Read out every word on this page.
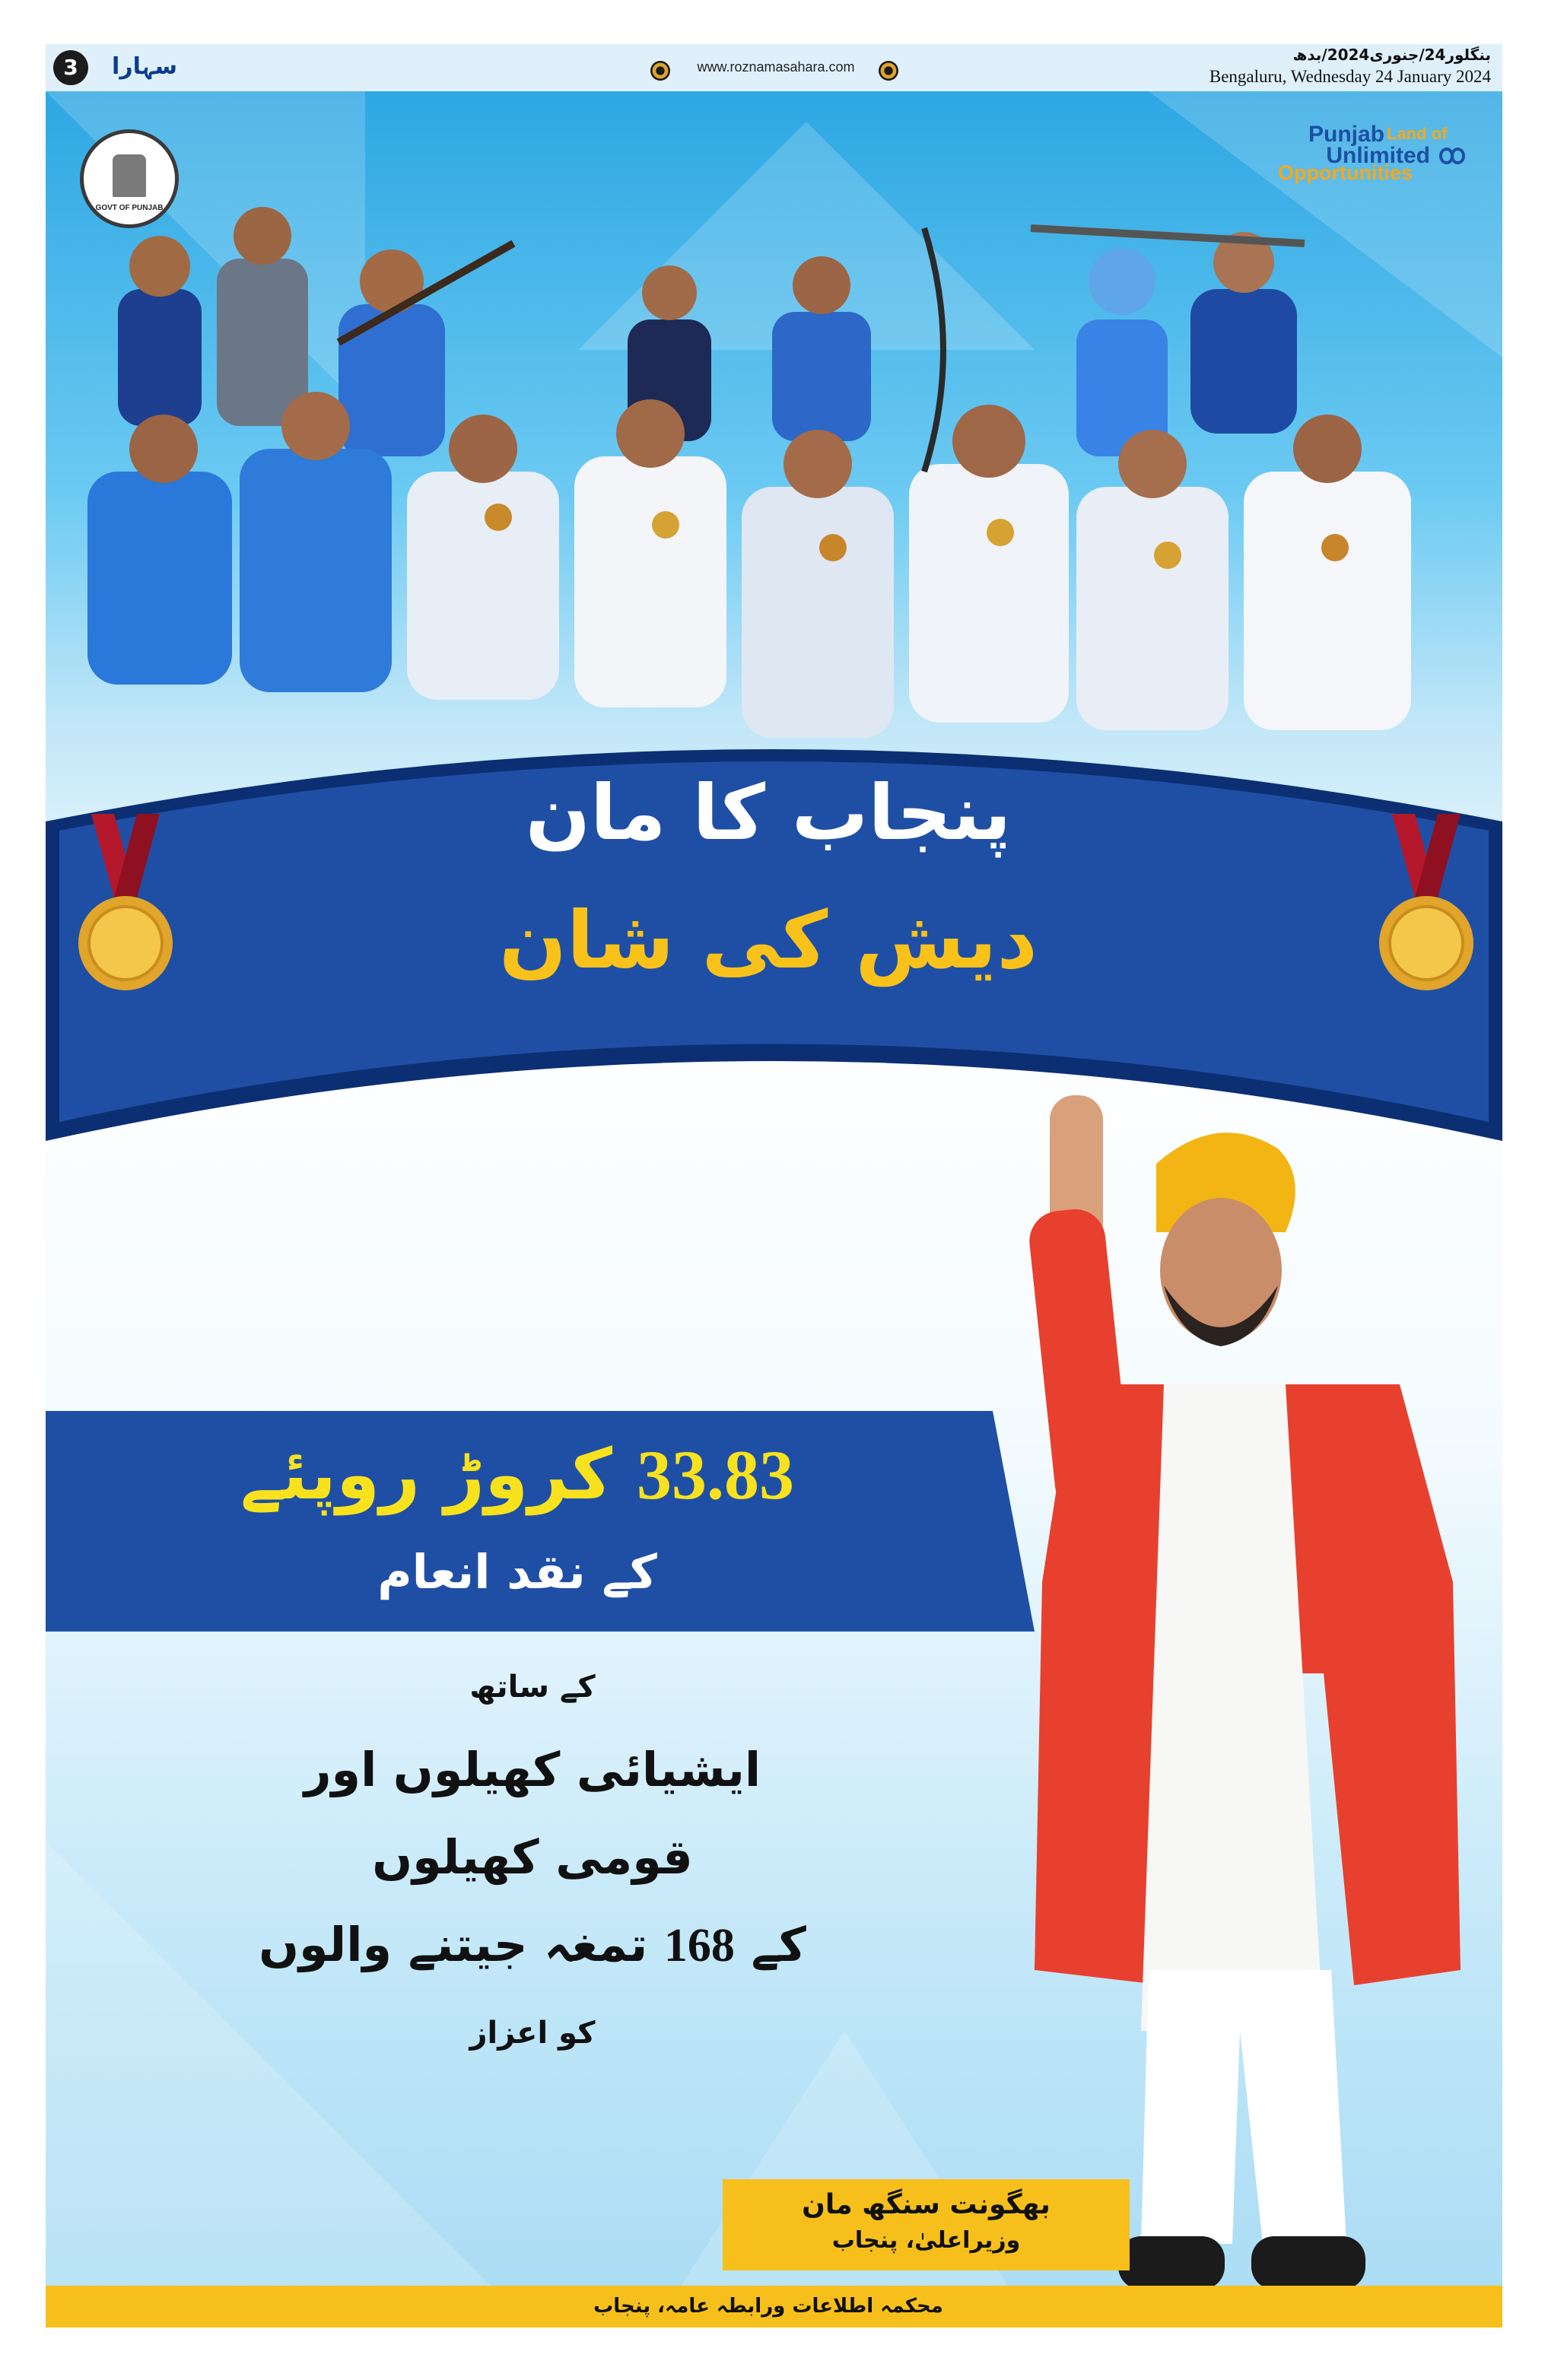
3	سہارا	www.roznamasahara.com
بنگلور24/جنوری2024/بدھ
Bengaluru, Wednesday 24 January 2024
GOVT OF PUNJAB
Punjab Land of
Unlimited
Opportunities
پنجاب کا مان
دیش کی شان
33.83 کروڑ روپئے
کے نقد انعام
کے ساتھ
ایشیائی کھیلوں اور
قومی کھیلوں
کے 168 تمغہ جیتنے والوں
کو اعزاز
بھگونت سنگھ مان
وزیراعلیٰ، پنجاب
محکمہ اطلاعات ورابطہ عامہ، پنجاب
